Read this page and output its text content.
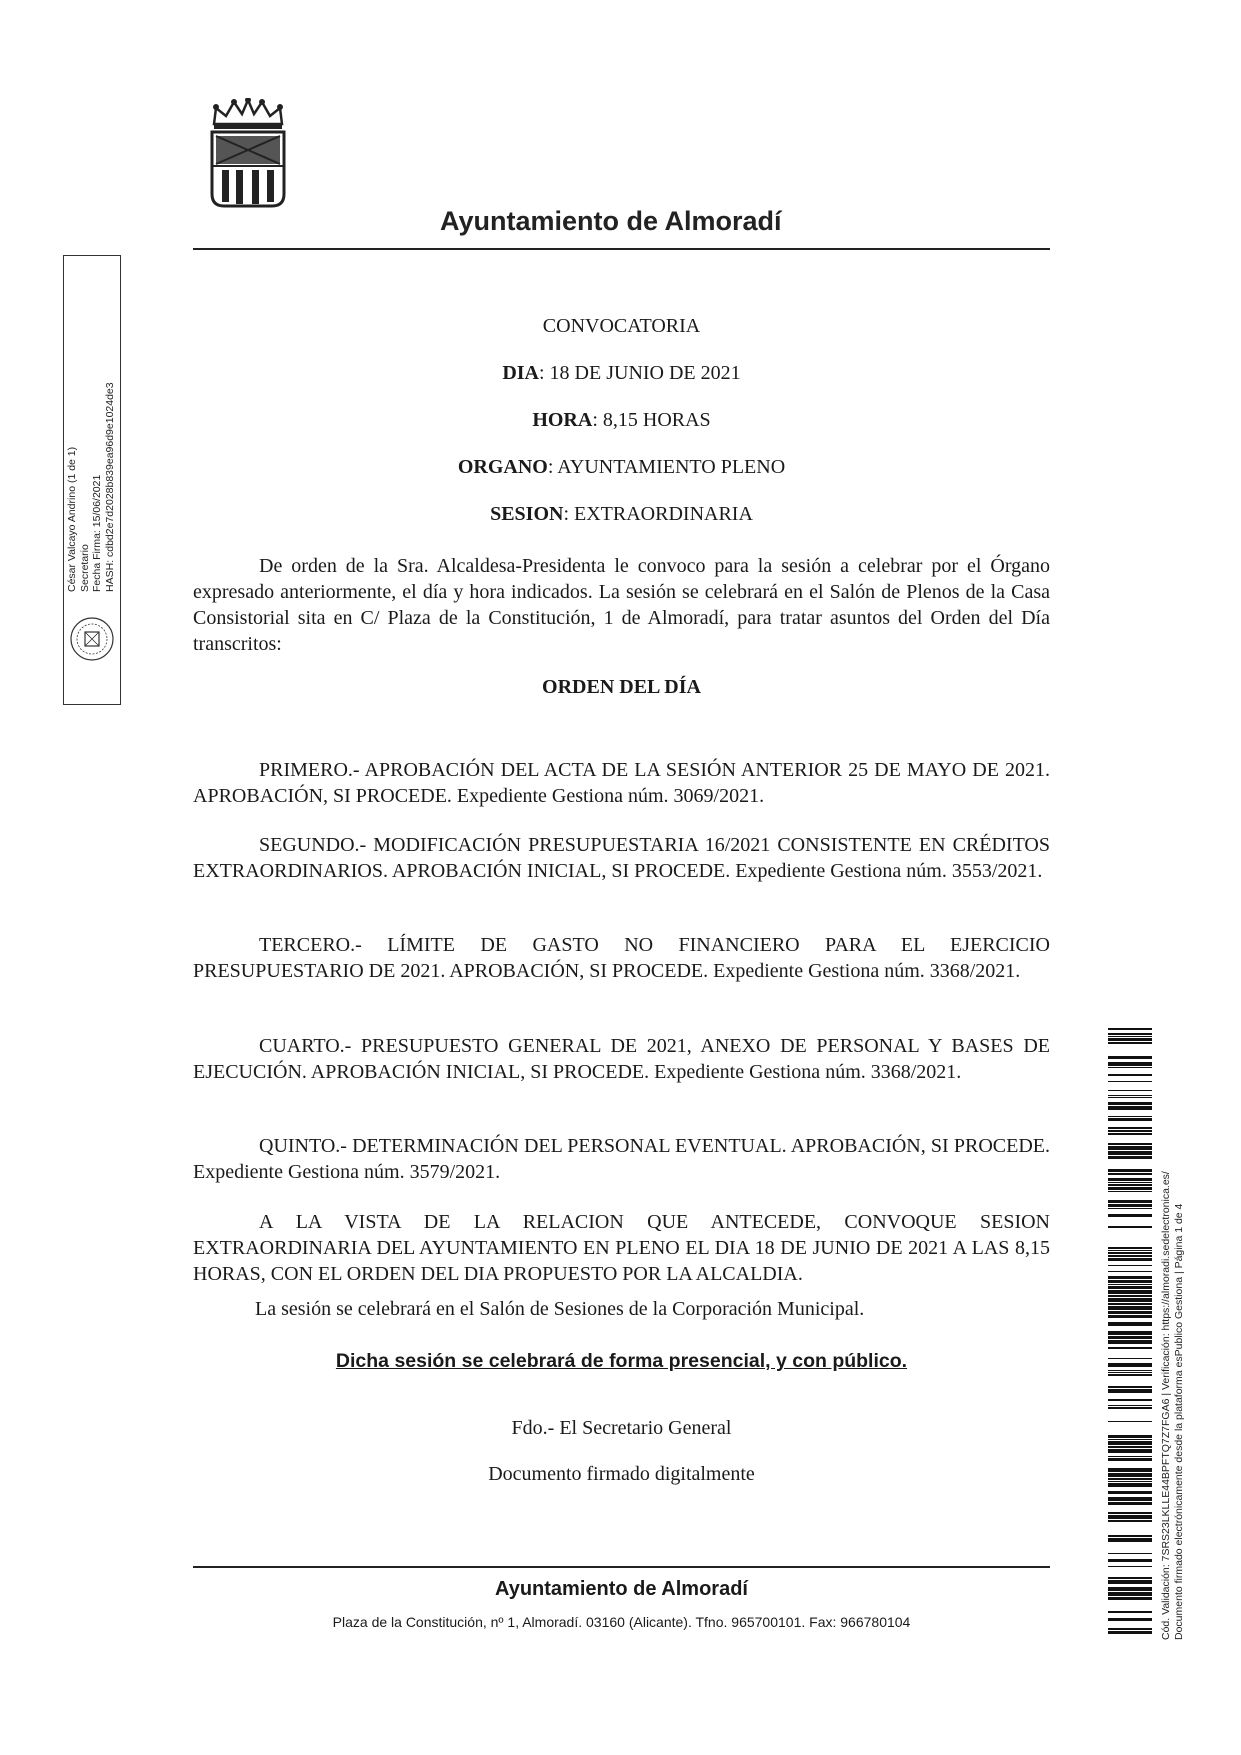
Ayuntamiento de Almoradí
César Valcayo Andrino (1 de 1) Secretario Fecha Firma: 15/06/2021 HASH: cdbd2e7d2028b839ea96d9e1024de3
CONVOCATORIA
DIA: 18 DE JUNIO DE 2021
HORA: 8,15 HORAS
ORGANO: AYUNTAMIENTO PLENO
SESION: EXTRAORDINARIA
De orden de la Sra. Alcaldesa-Presidenta le convoco para la sesión a celebrar por el Órgano expresado anteriormente, el día y hora indicados. La sesión se celebrará en el Salón de Plenos de la Casa Consistorial sita en C/ Plaza de la Constitución, 1 de Almoradí, para tratar asuntos del Orden del Día transcritos:
ORDEN DEL DÍA
PRIMERO.- APROBACIÓN DEL ACTA DE LA SESIÓN ANTERIOR 25 DE MAYO DE 2021. APROBACIÓN, SI PROCEDE. Expediente Gestiona núm. 3069/2021.
SEGUNDO.- MODIFICACIÓN PRESUPUESTARIA 16/2021 CONSISTENTE EN CRÉDITOS EXTRAORDINARIOS. APROBACIÓN INICIAL, SI PROCEDE. Expediente Gestiona núm. 3553/2021.
TERCERO.- LÍMITE DE GASTO NO FINANCIERO PARA EL EJERCICIO PRESUPUESTARIO DE 2021. APROBACIÓN, SI PROCEDE. Expediente Gestiona núm. 3368/2021.
CUARTO.- PRESUPUESTO GENERAL DE 2021, ANEXO DE PERSONAL Y BASES DE EJECUCIÓN. APROBACIÓN INICIAL, SI PROCEDE. Expediente Gestiona núm. 3368/2021.
QUINTO.- DETERMINACIÓN DEL PERSONAL EVENTUAL. APROBACIÓN, SI PROCEDE. Expediente Gestiona núm. 3579/2021.
A LA VISTA DE LA RELACION QUE ANTECEDE, CONVOQUE SESION EXTRAORDINARIA DEL AYUNTAMIENTO EN PLENO EL DIA 18 DE JUNIO DE 2021 A LAS 8,15 HORAS, CON EL ORDEN DEL DIA PROPUESTO POR LA ALCALDIA.
La sesión se celebrará en el Salón de Sesiones de la Corporación Municipal.
Dicha sesión se celebrará de forma presencial, y con público.
Fdo.- El Secretario General
Documento firmado digitalmente
Ayuntamiento de Almoradí
Plaza de la Constitución, nº 1, Almoradí. 03160 (Alicante). Tfno. 965700101. Fax: 966780104	Cód. Validación: 7SRS23LKLLE44BPFTQ7Z7FGA6 | Verificación: https://almoradi.sedelectronica.es/ Documento firmado electrónicamente desde la plataforma esPublico Gestiona | Página 1 de 4
